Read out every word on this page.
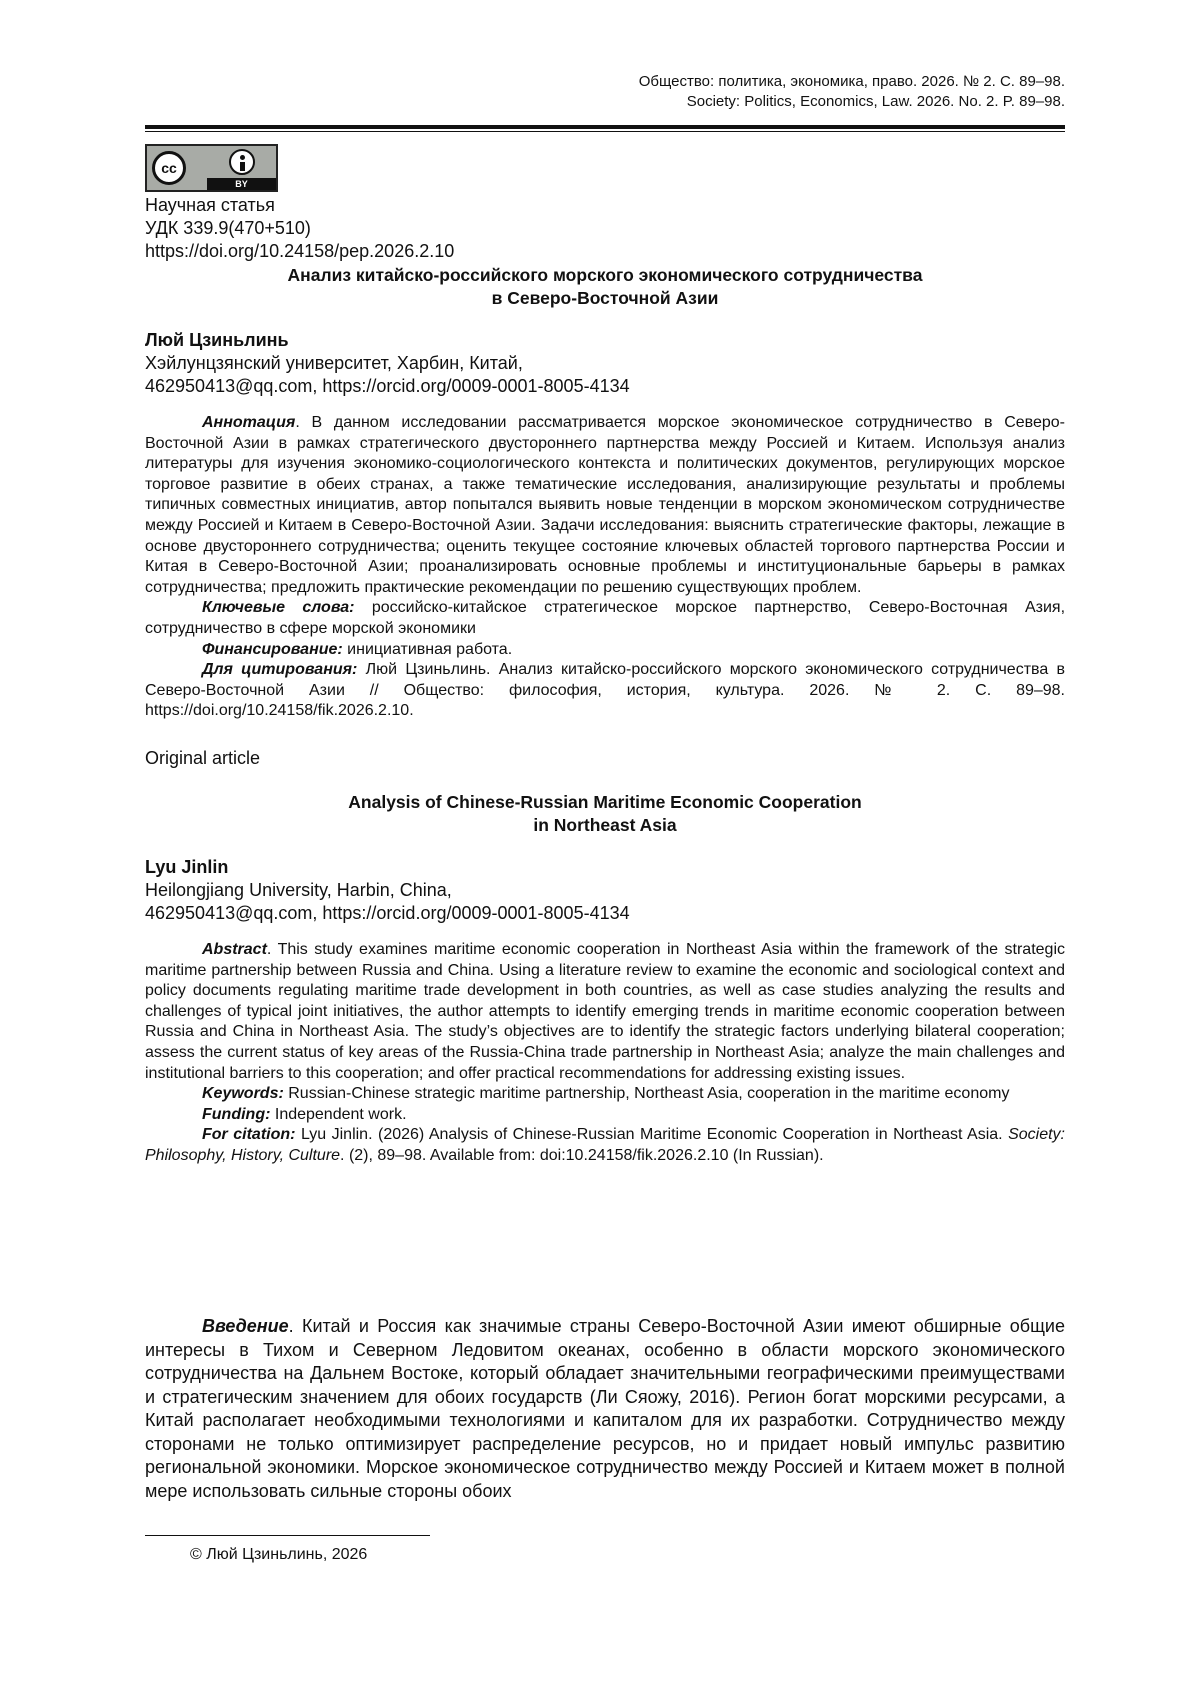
Общество: политика, экономика, право. 2026. № 2. С. 89–98.
Society: Politics, Economics, Law. 2026. No. 2. P. 89–98.
cc
BY
Научная статья
УДК 339.9(470+510)
https://doi.org/10.24158/pep.2026.2.10
Анализ китайско-российского морского экономического сотрудничества
в Северо-Восточной Азии
Люй Цзиньлинь
Хэйлунцзянский университет, Харбин, Китай,
462950413@qq.com, https://orcid.org/0009-0001-8005-4134

Аннотация. В данном исследовании рассматривается морское экономическое сотрудничество в Северо-Восточной Азии в рамках стратегического двустороннего партнерства между Россией и Китаем. Используя анализ литературы для изучения экономико-социологического контекста и политических документов, регулирующих морское торговое развитие в обеих странах, а также тематические исследования, анализирующие результаты и проблемы типичных совместных инициатив, автор попытался выявить новые тенденции в морском экономическом сотрудничестве между Россией и Китаем в Северо-Восточной Азии. Задачи исследования: выяснить стратегические факторы, лежащие в основе двустороннего сотрудничества; оценить текущее состояние ключевых областей торгового партнерства России и Китая в Северо-Восточной Азии; проанализировать основные проблемы и институциональные барьеры в рамках сотрудничества; предложить практические рекомендации по решению существующих проблем.

Ключевые слова: российско-китайское стратегическое морское партнерство, Северо-Восточная Азия, сотрудничество в сфере морской экономики

Финансирование: инициативная работа.

Для цитирования: Люй Цзиньлинь. Анализ китайско-российского морского экономического сотрудничества в Северо-Восточной Азии // Общество: философия, история, культура. 2026. № 2. С. 89–98. https://doi.org/10.24158/fik.2026.2.10.

Original article
Analysis of Chinese-Russian Maritime Economic Cooperation
in Northeast Asia
Lyu Jinlin
Heilongjiang University, Harbin, China,
462950413@qq.com, https://orcid.org/0009-0001-8005-4134

Abstract. This study examines maritime economic cooperation in Northeast Asia within the framework of the strategic maritime partnership between Russia and China. Using a literature review to examine the economic and sociological context and policy documents regulating maritime trade development in both countries, as well as case studies analyzing the results and challenges of typical joint initiatives, the author attempts to identify emerging trends in maritime economic cooperation between Russia and China in Northeast Asia. The study’s objectives are to identify the strategic factors underlying bilateral cooperation; assess the current status of key areas of the Russia-China trade partnership in Northeast Asia; analyze the main challenges and institutional barriers to this cooperation; and offer practical recommendations for addressing existing issues.

Keywords: Russian-Chinese strategic maritime partnership, Northeast Asia, cooperation in the maritime economy

Funding: Independent work.

For citation: Lyu Jinlin. (2026) Analysis of Chinese-Russian Maritime Economic Cooperation in Northeast Asia. Society: Philosophy, History, Culture. (2), 89–98. Available from: doi:10.24158/fik.2026.2.10 (In Russian).

Введение. Китай и Россия как значимые страны Северо-Восточной Азии имеют обширные общие интересы в Тихом и Северном Ледовитом океанах, особенно в области морского экономического сотрудничества на Дальнем Востоке, который обладает значительными географическими преимуществами и стратегическим значением для обоих государств (Ли Сяожу, 2016). Регион богат морскими ресурсами, а Китай располагает необходимыми технологиями и капиталом для их разработки. Сотрудничество между сторонами не только оптимизирует распределение ресурсов, но и придает новый импульс развитию региональной экономики. Морское экономическое сотрудничество между Россией и Китаем может в полной мере использовать сильные стороны обоих

© Люй Цзиньлинь, 2026
